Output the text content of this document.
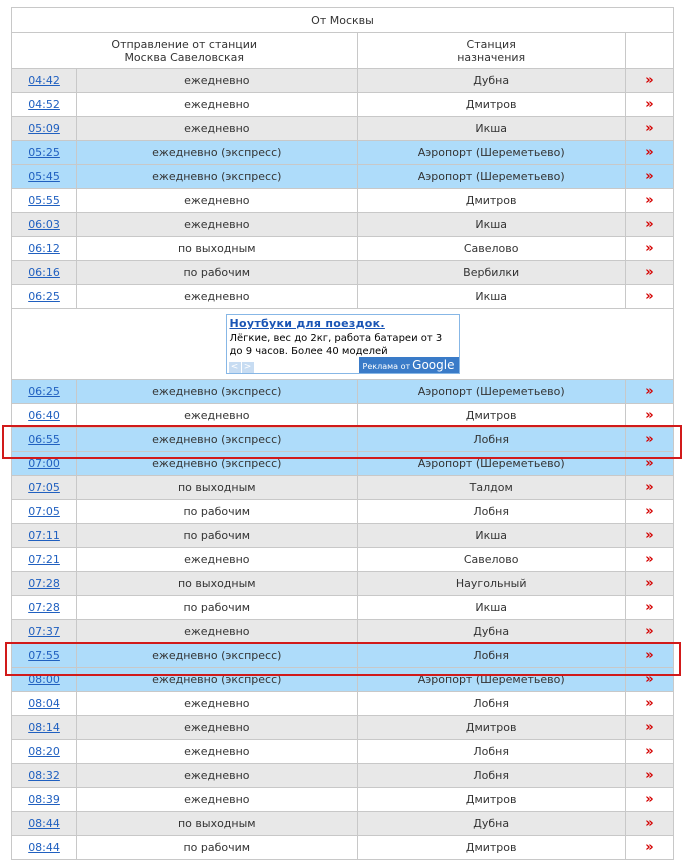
От Москвы			
Отправление от станции
Москва Савеловская		Станция
назначения	
04:42	ежедневно	Дубна	»
04:52	ежедневно	Дмитров	»
05:09	ежедневно	Икша	»
05:25	ежедневно (экспресс)	Аэропорт (Шереметьево)	»
05:45	ежедневно (экспресс)	Аэропорт (Шереметьево)	»
05:55	ежедневно	Дмитров	»
06:03	ежедневно	Икша	»
06:12	по выходным	Савелово	»
06:16	по рабочим	Вербилки	»
06:25	ежедневно	Икша	»

Ноутбуки для поездок.
Лёгкие, вес до 2кг, работа батареи от 3 до 9 часов. Более 40 моделей
< > Реклама от Google			

06:25	ежедневно (экспресс)	Аэропорт (Шереметьево)	»
06:40	ежедневно	Дмитров	»
06:55	ежедневно (экспресс)	Лобня	»
07:00	ежедневно (экспресс)	Аэропорт (Шереметьево)	»
07:05	по выходным	Талдом	»
07:05	по рабочим	Лобня	»
07:11	по рабочим	Икша	»
07:21	ежедневно	Савелово	»
07:28	по выходным	Наугольный	»
07:28	по рабочим	Икша	»
07:37	ежедневно	Дубна	»
07:55	ежедневно (экспресс)	Лобня	»
08:00	ежедневно (экспресс)	Аэропорт (Шереметьево)	»
08:04	ежедневно	Лобня	»
08:14	ежедневно	Дмитров	»
08:20	ежедневно	Лобня	»
08:32	ежедневно	Лобня	»
08:39	ежедневно	Дмитров	»
08:44	по выходным	Дубна	»
08:44	по рабочим	Дмитров	»
